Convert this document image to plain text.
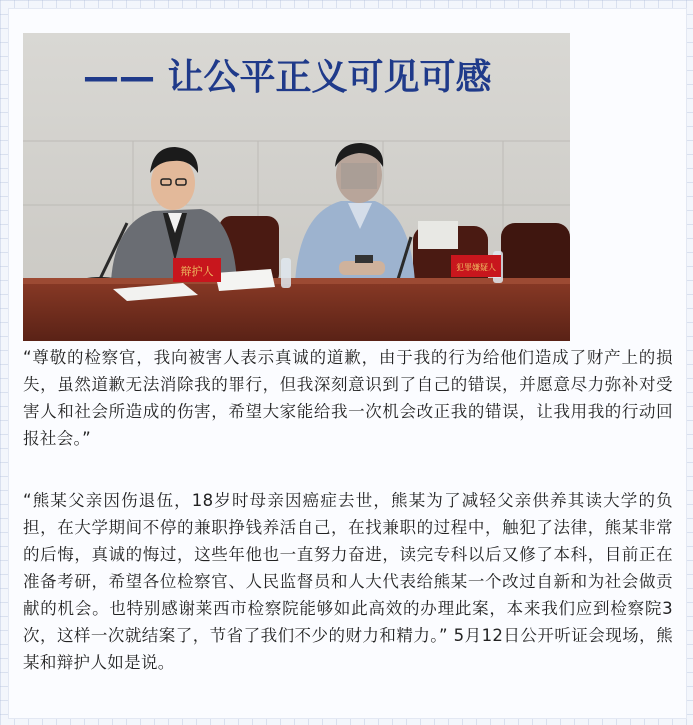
—— 让公平正义可见可感
辩护人	犯罪嫌疑人

“尊敬的检察官，我向被害人表示真诚的道歉，由于我的行为给他们造成了财产上的损失，虽然道歉无法消除我的罪行，但我深刻意识到了自己的错误，并愿意尽力弥补对受害人和社会所造成的伤害，希望大家能给我一次机会改正我的错误，让我用我的行动回报社会。”

“熊某父亲因伤退伍，18岁时母亲因癌症去世，熊某为了减轻父亲供养其读大学的负担，在大学期间不停的兼职挣钱养活自己，在找兼职的过程中，触犯了法律，熊某非常的后悔，真诚的悔过，这些年他也一直努力奋进，读完专科以后又修了本科，目前正在准备考研，希望各位检察官、人民监督员和人大代表给熊某一个改过自新和为社会做贡献的机会。也特别感谢莱西市检察院能够如此高效的办理此案，本来我们应到检察院3次，这样一次就结案了，节省了我们不少的财力和精力。” 5月12日公开听证会现场，熊某和辩护人如是说。
